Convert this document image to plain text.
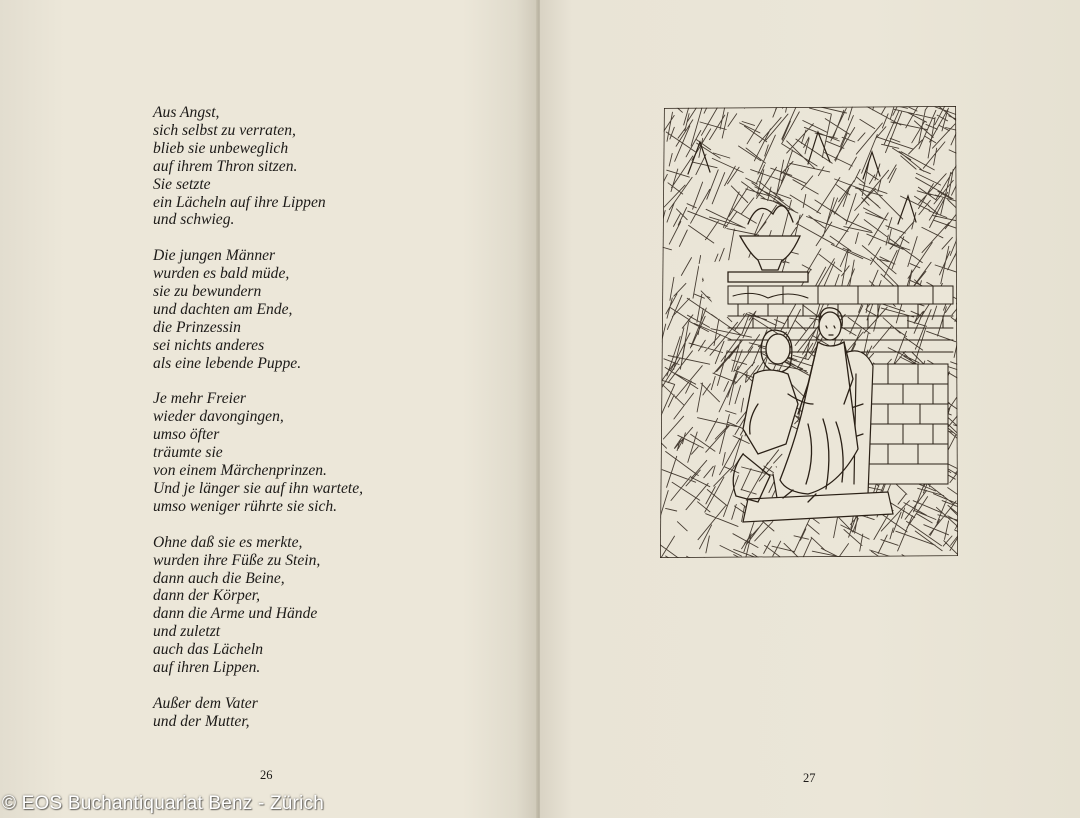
Aus Angst,
sich selbst zu verraten,
blieb sie unbeweglich
auf ihrem Thron sitzen.
Sie setzte
ein Lächeln auf ihre Lippen
und schwieg.
Die jungen Männer
wurden es bald müde,
sie zu bewundern
und dachten am Ende,
die Prinzessin
sei nichts anderes
als eine lebende Puppe.
Je mehr Freier
wieder davongingen,
umso öfter
träumte sie
von einem Märchenprinzen.
Und je länger sie auf ihn wartete,
umso weniger rührte sie sich.
Ohne daß sie es merkte,
wurden ihre Füße zu Stein,
dann auch die Beine,
dann der Körper,
dann die Arme und Hände
und zuletzt
auch das Lächeln
auf ihren Lippen.
Außer dem Vater
und der Mutter,
26	27
© EOS Buchantiquariat Benz - Zürich
